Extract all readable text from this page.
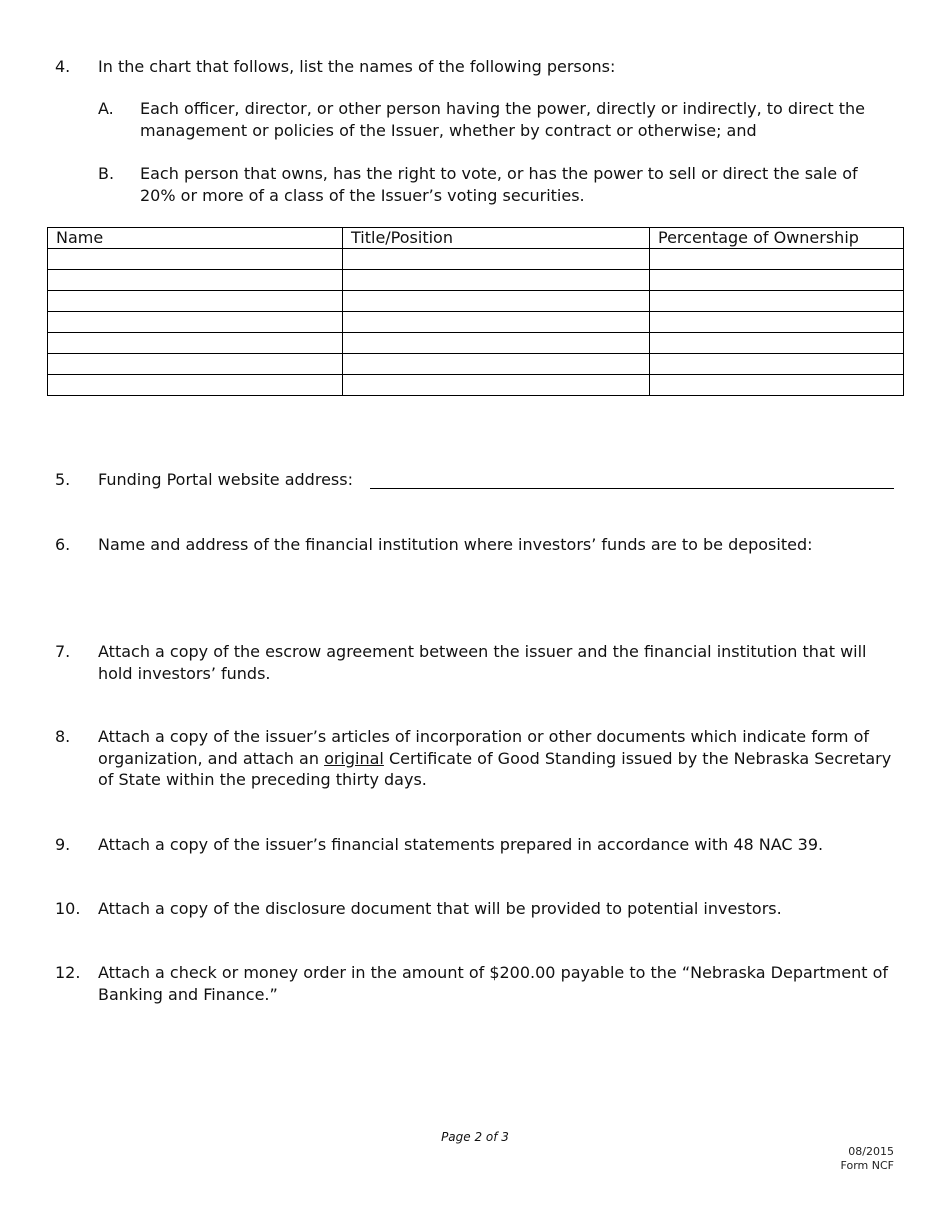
4. In the chart that follows, list the names of the following persons:
A. Each officer, director, or other person having the power, directly or indirectly, to direct the management or policies of the Issuer, whether by contract or otherwise; and
B. Each person that owns, has the right to vote, or has the power to sell or direct the sale of 20% or more of a class of the Issuer’s voting securities.
Name	Title/Position	Percentage of Ownership

5. Funding Portal website address:
6. Name and address of the financial institution where investors’ funds are to be deposited:
7. Attach a copy of the escrow agreement between the issuer and the financial institution that will hold investors’ funds.
8. Attach a copy of the issuer’s articles of incorporation or other documents which indicate form of organization, and attach an original Certificate of Good Standing issued by the Nebraska Secretary of State within the preceding thirty days.
9. Attach a copy of the issuer’s financial statements prepared in accordance with 48 NAC 39.
10. Attach a copy of the disclosure document that will be provided to potential investors.
12. Attach a check or money order in the amount of $200.00 payable to the “Nebraska Department of Banking and Finance.”
Page 2 of 3
08/2015
Form NCF
